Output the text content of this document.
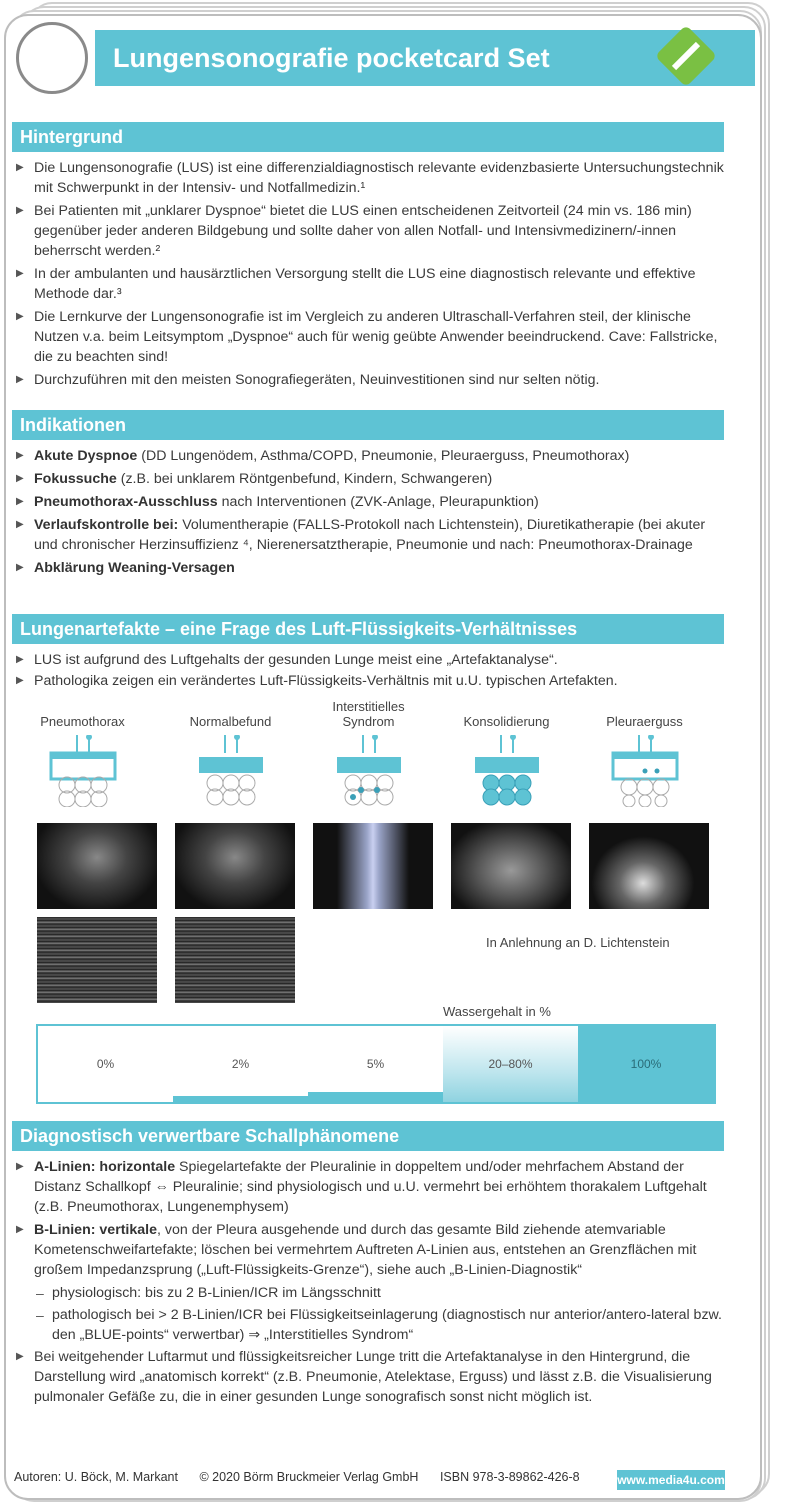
Lungensonografie pocketcard Set
Hintergrund
▶ Die Lungensonografie (LUS) ist eine differenzialdiagnostisch relevante evidenzbasierte Untersuchungstechnik mit Schwerpunkt in der Intensiv- und Notfallmedizin.¹
▶ Bei Patienten mit „unklarer Dyspnoe“ bietet die LUS einen entscheidenen Zeitvorteil (24 min vs. 186 min) gegenüber jeder anderen Bildgebung und sollte daher von allen Notfall- und Intensivmedizinern/-innen beherrscht werden.²
▶ In der ambulanten und hausärztlichen Versorgung stellt die LUS eine diagnostisch relevante und effektive Methode dar.³
▶ Die Lernkurve der Lungensonografie ist im Vergleich zu anderen Ultraschall-Verfahren steil, der klinische Nutzen v.a. beim Leitsymptom „Dyspnoe“ auch für wenig geübte Anwender beeindruckend. Cave: Fallstricke, die zu beachten sind!
▶ Durchzuführen mit den meisten Sonografiegeräten, Neuinvestitionen sind nur selten nötig.
Indikationen
▶ Akute Dyspnoe (DD Lungenödem, Asthma/COPD, Pneumonie, Pleuraerguss, Pneumothorax)
▶ Fokussuche (z.B. bei unklarem Röntgenbefund, Kindern, Schwangeren)
▶ Pneumothorax-Ausschluss nach Interventionen (ZVK-Anlage, Pleurapunktion)
▶ Verlaufskontrolle bei: Volumentherapie (FALLS-Protokoll nach Lichtenstein), Diuretikatherapie (bei akuter und chronischer Herzinsuffizienz ⁴, Nierenersatztherapie, Pneumonie und nach: Pneumothorax-Drainage
▶ Abklärung Weaning-Versagen
Lungenartefakte – eine Frage des Luft-Flüssigkeits-Verhältnisses
▶ LUS ist aufgrund des Luftgehalts der gesunden Lunge meist eine „Artefaktanalyse“.
▶ Pathologika zeigen ein verändertes Luft-Flüssigkeits-Verhältnis mit u.U. typischen Artefakten.
Pneumothorax	Normalbefund
Interstitielles Syndrom	Konsolidierung	Pleuraerguss
In Anlehnung an D. Lichtenstein
Wassergehalt in %
0%	2%	5%	20–80%	100%
Diagnostisch verwertbare Schallphänomene
▶ A-Linien: horizontale Spiegelartefakte der Pleuralinie in doppeltem und/oder mehrfachem Abstand der Distanz Schallkopf ⇔ Pleuralinie; sind physiologisch und u.U. vermehrt bei erhöhtem thorakalem Luftgehalt (z.B. Pneumothorax, Lungenemphysem)
▶ B-Linien: vertikale, von der Pleura ausgehende und durch das gesamte Bild ziehende atemvariable Kometenschweifartefakte; löschen bei vermehrtem Auftreten A-Linien aus, entstehen an Grenzflächen mit großem Impedanzsprung („Luft-Flüssigkeits-Grenze“), siehe auch „B-Linien-Diagnostik“
– physiologisch: bis zu 2 B-Linien/ICR im Längsschnitt
– pathologisch bei > 2 B-Linien/ICR bei Flüssigkeitseinlagerung (diagnostisch nur anterior/antero-lateral bzw. den „BLUE-points“ verwertbar) ⇒ „Interstitielles Syndrom“
▶ Bei weitgehender Luftarmut und flüssigkeitsreicher Lunge tritt die Artefaktanalyse in den Hintergrund, die Darstellung wird „anatomisch korrekt“ (z.B. Pneumonie, Atelektase, Erguss) und lässt z.B. die Visualisierung pulmonaler Gefäße zu, die in einer gesunden Lunge sonografisch sonst nicht möglich ist.
Autoren: U. Böck, M. Markant © 2020 Börm Bruckmeier Verlag GmbH ISBN 978-3-89862-426-8	www.media4u.com
